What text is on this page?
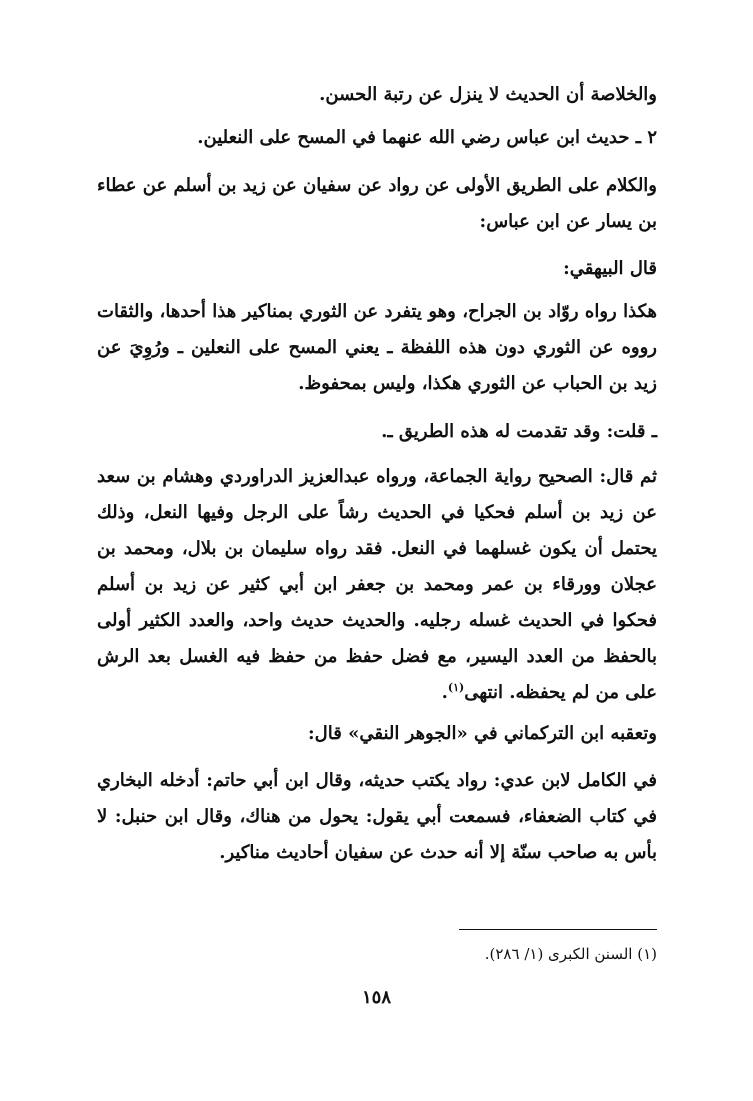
والخلاصة أن الحديث لا ينزل عن رتبة الحسن.
٢ ـ حديث ابن عباس رضي الله عنهما في المسح على النعلين.
والكلام على الطريق الأولى عن رواد عن سفيان عن زيد بن أسلم عن عطاء بن يسار عن ابن عباس:
قال البيهقي:
هكذا رواه روّاد بن الجراح، وهو يتفرد عن الثوري بمناكير هذا أحدها، والثقات رووه عن الثوري دون هذه اللفظة ـ يعني المسح على النعلين ـ ورُوِيَ عن زيد بن الحباب عن الثوري هكذا، وليس بمحفوظ.
ـ قلت: وقد تقدمت له هذه الطريق ـ.
ثم قال: الصحيح رواية الجماعة، ورواه عبدالعزيز الدراوردي وهشام بن سعد عن زيد بن أسلم فحكيا في الحديث رشاً على الرجل وفيها النعل، وذلك يحتمل أن يكون غسلهما في النعل. فقد رواه سليمان بن بلال، ومحمد بن عجلان وورقاء بن عمر ومحمد بن جعفر ابن أبي كثير عن زيد بن أسلم فحكوا في الحديث غسله رجليه. والحديث حديث واحد، والعدد الكثير أولى بالحفظ من العدد اليسير، مع فضل حفظ من حفظ فيه الغسل بعد الرش على من لم يحفظه. انتهى$^{(١)}$.
وتعقبه ابن التركماني في «الجوهر النقي» قال:
في الكامل لابن عدي: رواد يكتب حديثه، وقال ابن أبي حاتم: أدخله البخاري في كتاب الضعفاء، فسمعت أبي يقول: يحول من هناك، وقال ابن حنبل: لا بأس به صاحب سنّة إلا أنه حدث عن سفيان أحاديث مناكير.
(١) السنن الكبرى (١/ ٢٨٦).
١٥٨
